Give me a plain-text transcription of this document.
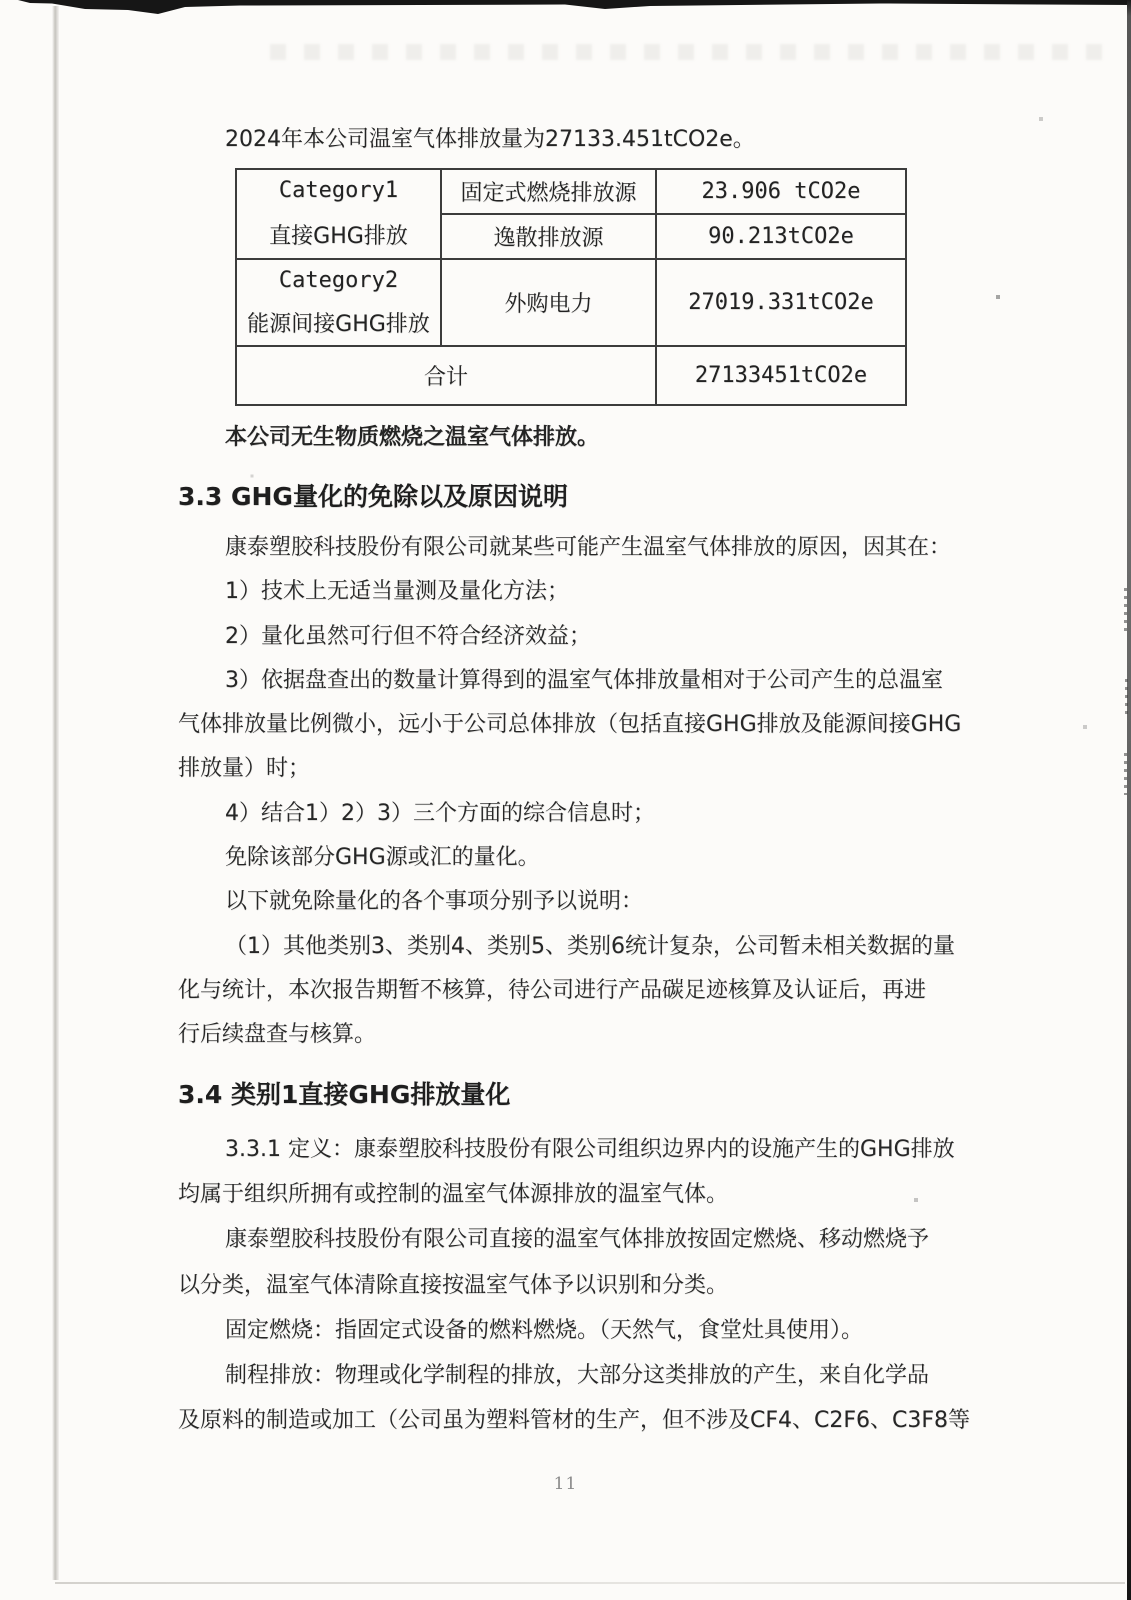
2024年本公司温室气体排放量为27133.451tCO2e。

Category1
直接GHG排放	固定式燃烧排放源	23.906 tCO2e
	逸散排放源	90.213tCO2e

Category2
能源间接GHG排放	外购电力	27019.331tCO2e
合计		27133451tCO2e

本公司无生物质燃烧之温室气体排放。

3.3 GHG量化的免除以及原因说明
康泰塑胶科技股份有限公司就某些可能产生温室气体排放的原因，因其在：
1）技术上无适当量测及量化方法；
2）量化虽然可行但不符合经济效益；
3）依据盘查出的数量计算得到的温室气体排放量相对于公司产生的总温室
气体排放量比例微小，远小于公司总体排放（包括直接GHG排放及能源间接GHG
排放量）时；
4）结合1）2）3）三个方面的综合信息时；
免除该部分GHG源或汇的量化。
以下就免除量化的各个事项分别予以说明：
（1）其他类别3、类别4、类别5、类别6统计复杂，公司暂未相关数据的量
化与统计，本次报告期暂不核算，待公司进行产品碳足迹核算及认证后，再进
行后续盘查与核算。
3.4 类别1直接GHG排放量化
3.3.1 定义：康泰塑胶科技股份有限公司组织边界内的设施产生的GHG排放
均属于组织所拥有或控制的温室气体源排放的温室气体。
康泰塑胶科技股份有限公司直接的温室气体排放按固定燃烧、移动燃烧予
以分类，温室气体清除直接按温室气体予以识别和分类。
固定燃烧：指固定式设备的燃料燃烧。（天然气，食堂灶具使用）。
制程排放：物理或化学制程的排放，大部分这类排放的产生，来自化学品
及原料的制造或加工（公司虽为塑料管材的生产，但不涉及CF4、C2F6、C3F8等
11
